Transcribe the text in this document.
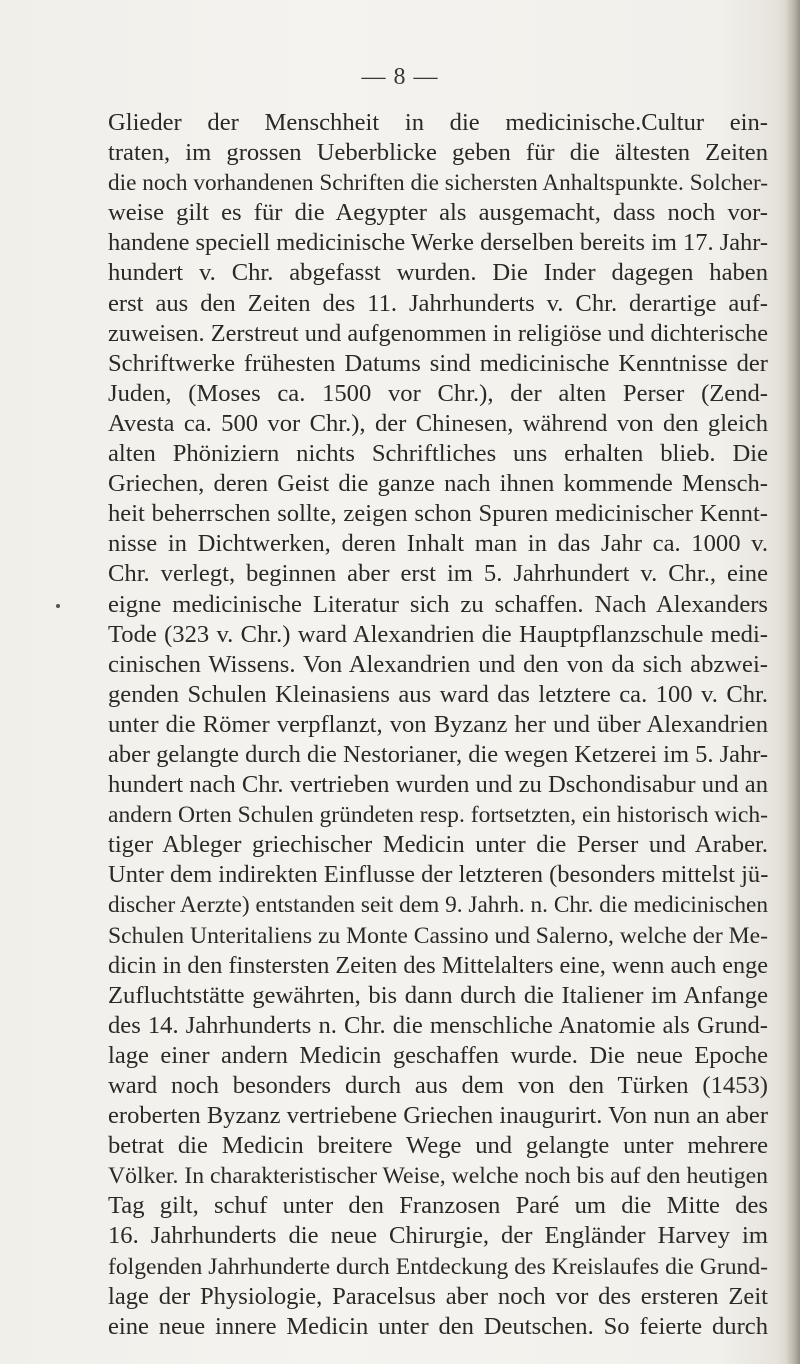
— 8 —
Glieder der Menschheit in die medicinische.Cultur ein-
traten, im grossen Ueberblicke geben für die ältesten Zeiten
die noch vorhandenen Schriften die sichersten Anhaltspunkte. Solcher-
weise gilt es für die Aegypter als ausgemacht, dass noch vor-
handene speciell medicinische Werke derselben bereits im 17. Jahr-
hundert v. Chr. abgefasst wurden. Die Inder dagegen haben
erst aus den Zeiten des 11. Jahrhunderts v. Chr. derartige auf-
zuweisen. Zerstreut und aufgenommen in religiöse und dichterische
Schriftwerke frühesten Datums sind medicinische Kenntnisse der
Juden, (Moses ca. 1500 vor Chr.), der alten Perser (Zend-
Avesta ca. 500 vor Chr.), der Chinesen, während von den gleich
alten Phöniziern nichts Schriftliches uns erhalten blieb. Die
Griechen, deren Geist die ganze nach ihnen kommende Mensch-
heit beherrschen sollte, zeigen schon Spuren medicinischer Kennt-
nisse in Dichtwerken, deren Inhalt man in das Jahr ca. 1000 v.
Chr. verlegt, beginnen aber erst im 5. Jahrhundert v. Chr., eine
eigne medicinische Literatur sich zu schaffen. Nach Alexanders
Tode (323 v. Chr.) ward Alexandrien die Hauptpflanzschule medi-
cinischen Wissens. Von Alexandrien und den von da sich abzwei-
genden Schulen Kleinasiens aus ward das letztere ca. 100 v. Chr.
unter die Römer verpflanzt, von Byzanz her und über Alexandrien
aber gelangte durch die Nestorianer, die wegen Ketzerei im 5. Jahr-
hundert nach Chr. vertrieben wurden und zu Dschondisabur und an
andern Orten Schulen gründeten resp. fortsetzten, ein historisch wich-
tiger Ableger griechischer Medicin unter die Perser und Araber.
Unter dem indirekten Einflusse der letzteren (besonders mittelst jü-
discher Aerzte) entstanden seit dem 9. Jahrh. n. Chr. die medicinischen
Schulen Unteritaliens zu Monte Cassino und Salerno, welche der Me-
dicin in den finstersten Zeiten des Mittelalters eine, wenn auch enge
Zufluchtstätte gewährten, bis dann durch die Italiener im Anfange
des 14. Jahrhunderts n. Chr. die menschliche Anatomie als Grund-
lage einer andern Medicin geschaffen wurde. Die neue Epoche
ward noch besonders durch aus dem von den Türken (1453)
eroberten Byzanz vertriebene Griechen inaugurirt. Von nun an aber
betrat die Medicin breitere Wege und gelangte unter mehrere
Völker. In charakteristischer Weise, welche noch bis auf den heutigen
Tag gilt, schuf unter den Franzosen Paré um die Mitte des
16. Jahrhunderts die neue Chirurgie, der Engländer Harvey im
folgenden Jahrhunderte durch Entdeckung des Kreislaufes die Grund-
lage der Physiologie, Paracelsus aber noch vor des ersteren Zeit
eine neue innere Medicin unter den Deutschen. So feierte durch
